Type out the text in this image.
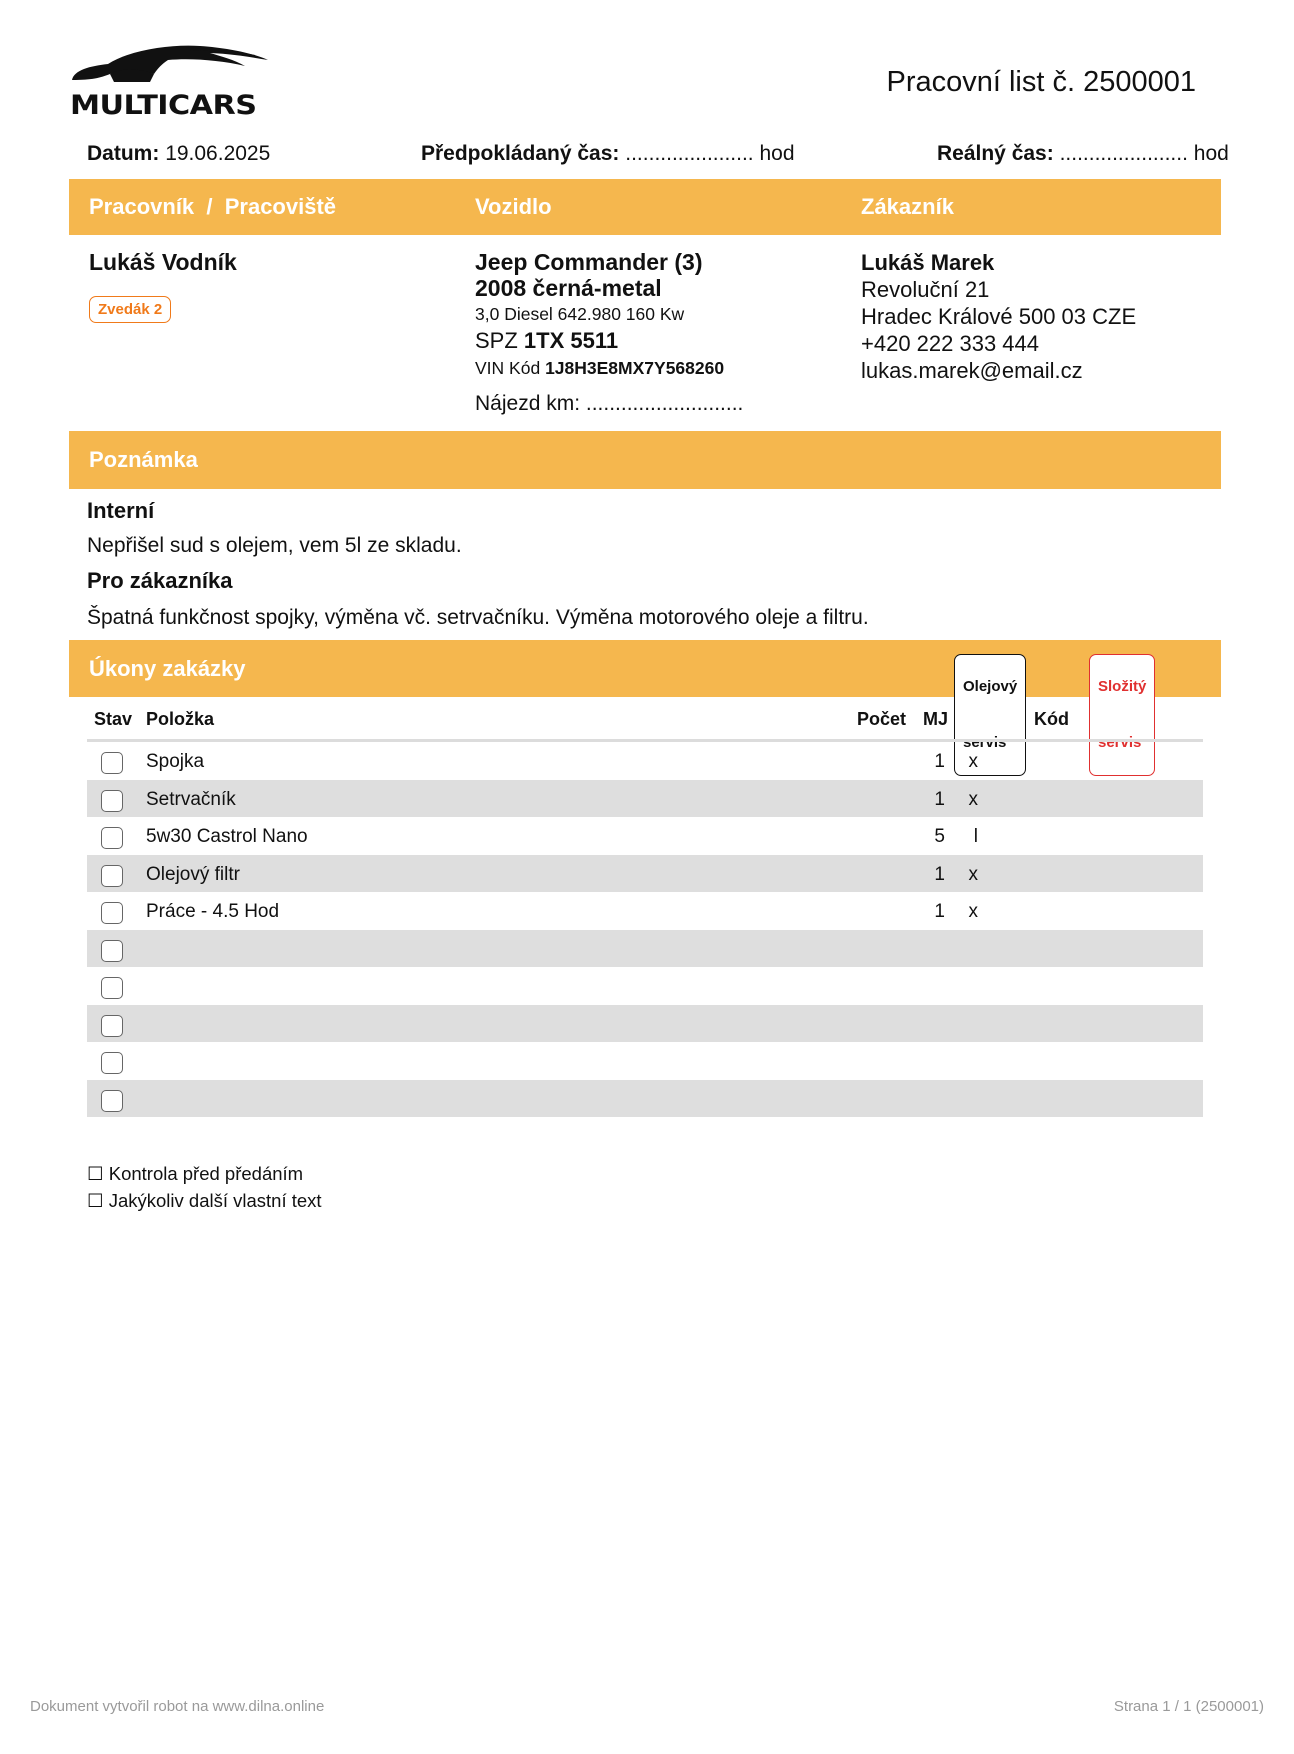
MULTICARS
Pracovní list č. 2500001
Datum: 19.06.2025	Předpokládaný čas: ...................... hod	Reálný čas: ...................... hod
Pracovník  /  Pracoviště	Vozidlo	Zákazník
Lukáš Vodník
Zvedák 2
Jeep Commander (3)
2008 černá-metal
3,0 Diesel 642.980 160 Kw
SPZ 1TX 5511
VIN Kód 1J8H3E8MX7Y568260
Nájezd km: ...........................
Lukáš Marek
Revoluční 21
Hradec Králové 500 03 CZE
+420 222 333 444
lukas.marek@email.cz
Poznámka
Interní
Nepřišel sud s olejem, vem 5l ze skladu.
Pro zákazníka
Špatná funkčnost spojky, výměna vč. setrvačníku. Výměna motorového oleje a filtru.
Úkony zakázky
Olejový servis
Složitý servis
Stav Položka	Počet MJ	Kód
Spojka	1	x
Setrvačník	1	x
5w30 Castrol Nano	5	l
Olejový filtr	1	x
Práce - 4.5 Hod	1	x
☐ Kontrola před předáním
☐ Jakýkoliv další vlastní text
Dokument vytvořil robot na www.dilna.online	Strana 1 / 1 (2500001)
